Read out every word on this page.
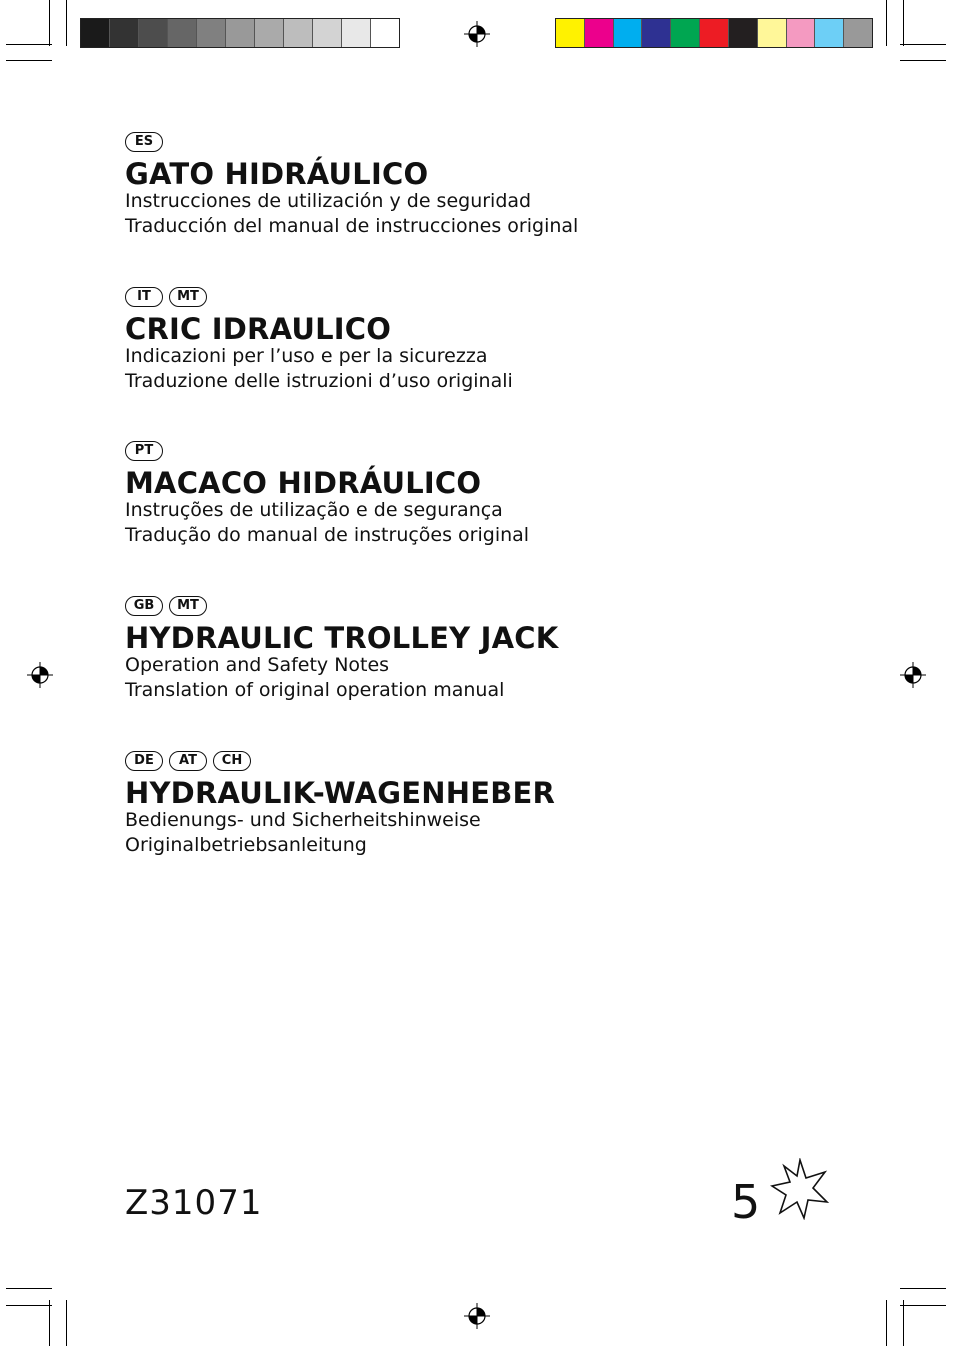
ES
GATO HIDRÁULICO
Instrucciones de utilización y de seguridad
Traducción del manual de instrucciones original
IT	MT
CRIC IDRAULICO
Indicazioni per l’uso e per la sicurezza
Traduzione delle istruzioni d’uso originali
PT
MACACO HIDRÁULICO
Instruções de utilização e de segurança
Tradução do manual de instruções original
GB	MT
HYDRAULIC TROLLEY JACK
Operation and Safety Notes
Translation of original operation manual
DE	AT	CH
HYDRAULIK-WAGENHEBER
Bedienungs- und Sicherheitshinweise
Originalbetriebsanleitung
Z31071	5
